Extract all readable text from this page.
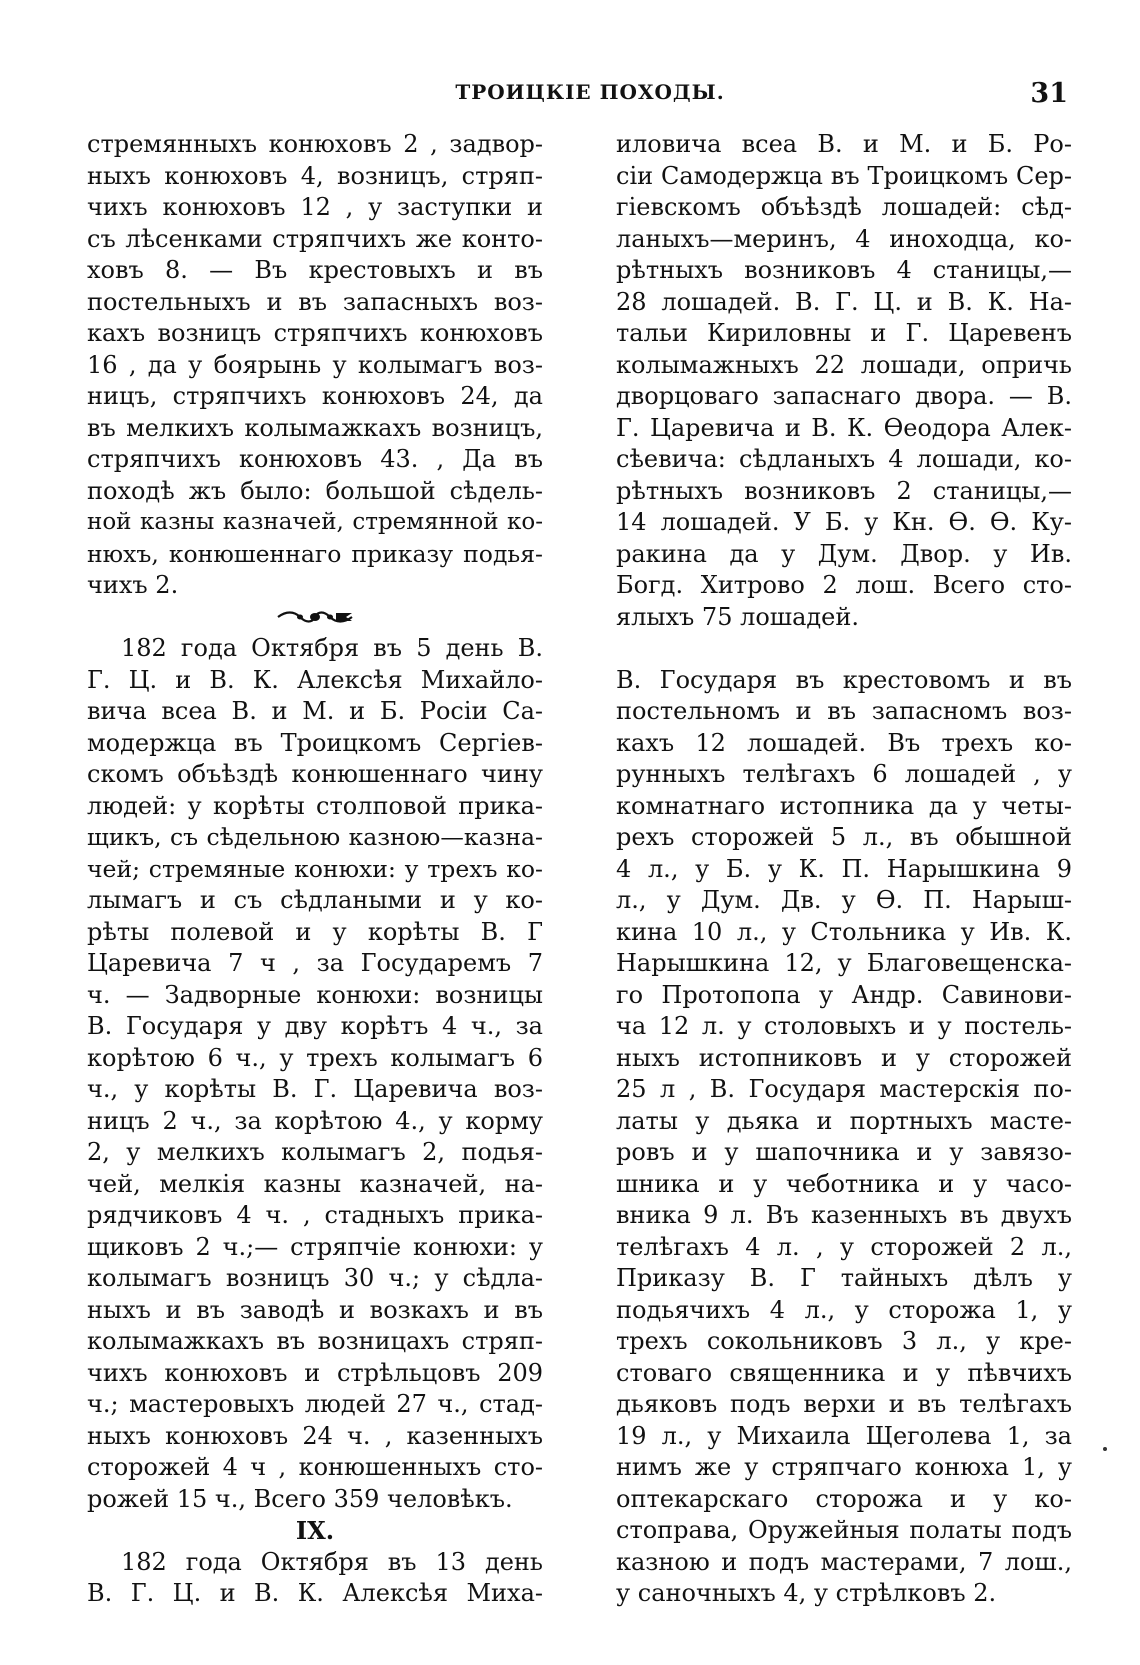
ТРОИЦКIЕ ПОХОДЫ.	31
стремянныхъ конюховъ 2 , задвор-
ныхъ конюховъ 4, возницъ, стряп-
чихъ конюховъ 12 , у заступки и
съ лѣсенками стряпчихъ же конто-
ховъ 8. — Въ крестовыхъ и въ
постельныхъ и въ запасныхъ воз-
кахъ возницъ стряпчихъ конюховъ
16 , да у боярынь у колымагъ воз-
ницъ, стряпчихъ конюховъ 24, да
въ мелкихъ колымажкахъ возницъ,
стряпчихъ конюховъ 43. , Да въ
походѣ жъ было: большой сѣдель-
ной казны казначей, стремянной ко-
нюхъ, конюшеннаго приказу подья-
чихъ 2.
182 года Октября въ 5 день В.
Г. Ц. и В. К. Алексѣя Михайло-
вича всеа В. и М. и Б. Росiи Са-
модержца въ Троицкомъ Сергiев-
скомъ объѣздѣ конюшеннаго чину
людей: у корѣты столповой прика-
щикъ, съ сѣдельною казною—казна-
чей; стремяные конюхи: у трехъ ко-
лымагъ и съ сѣдлаными и у ко-
рѣты полевой и у корѣты В. Г
Царевича 7 ч , за Государемъ 7
ч. — Задворные конюхи: возницы
В. Государя у дву корѣтъ 4 ч., за
корѣтою 6 ч., у трехъ колымагъ 6
ч., у корѣты В. Г. Царевича воз-
ницъ 2 ч., за корѣтою 4., у корму
2, у мелкихъ колымагъ 2, подья-
чей, мелкiя казны казначей, на-
рядчиковъ 4 ч. , стадныхъ прика-
щиковъ 2 ч.;— стряпчiе конюхи: у
колымагъ возницъ 30 ч.; у сѣдла-
ныхъ и въ заводѣ и возкахъ и въ
колымажкахъ въ возницахъ стряп-
чихъ конюховъ и стрѣльцовъ 209
ч.; мастеровыхъ людей 27 ч., стад-
ныхъ конюховъ 24 ч. , казенныхъ
сторожей 4 ч , конюшенныхъ сто-
рожей 15 ч., Всего 359 человѣкъ.
IX.
182 года Октября въ 13 день
В. Г. Ц. и В. К. Алексѣя Миха-
иловича всеа В. и М. и Б. Ро-
сiи Самодержца въ Троицкомъ Сер-
гiевскомъ объѣздѣ лошадей: сѣд-
ланыхъ—меринъ, 4 иноходца, ко-
рѣтныхъ возниковъ 4 станицы,—
28 лошадей. В. Г. Ц. и В. К. На-
тальи Кириловны и Г. Царевенъ
колымажныхъ 22 лошади, опричь
дворцоваго запаснаго двора. — В.
Г. Царевича и В. К. Ѳеодора Алек-
сѣевича: сѣдланыхъ 4 лошади, ко-
рѣтныхъ возниковъ 2 станицы,—
14 лошадей. У Б. у Кн. Ѳ. Ѳ. Ку-
ракина да у Дум. Двор. у Ив.
Богд. Хитрово 2 лош. Всего сто-
ялыхъ 75 лошадей.
В. Государя въ крестовомъ и въ
постельномъ и въ запасномъ воз-
кахъ 12 лошадей. Въ трехъ ко-
рунныхъ телѣгахъ 6 лошадей , у
комнатнаго истопника да у четы-
рехъ сторожей 5 л., въ обышной
4 л., у Б. у К. П. Нарышкина 9
л., у Дум. Дв. у Ѳ. П. Нарыш-
кина 10 л., у Стольника у Ив. К.
Нарышкина 12, у Благовещенска-
го Протопопа у Андр. Савинови-
ча 12 л. у столовыхъ и у постель-
ныхъ истопниковъ и у сторожей
25 л , В. Государя мастерскiя по-
латы у дьяка и портныхъ масте-
ровъ и у шапочника и у завязо-
шника и у чеботника и у часо-
вника 9 л. Въ казенныхъ въ двухъ
телѣгахъ 4 л. , у сторожей 2 л.,
Приказу В. Г тайныхъ дѣлъ у
подьячихъ 4 л., у сторожа 1, у
трехъ сокольниковъ 3 л., у кре-
стоваго священника и у пѣвчихъ
дьяковъ подъ верхи и въ телѣгахъ
19 л., у Михаила Щеголева 1, за
нимъ же у стряпчаго конюха 1, у
оптекарскаго сторожа и у ко-
стоправа, Оружейныя полаты подъ
казною и подъ мастерами, 7 лош.,
у саночныхъ 4, у стрѣлковъ 2.
